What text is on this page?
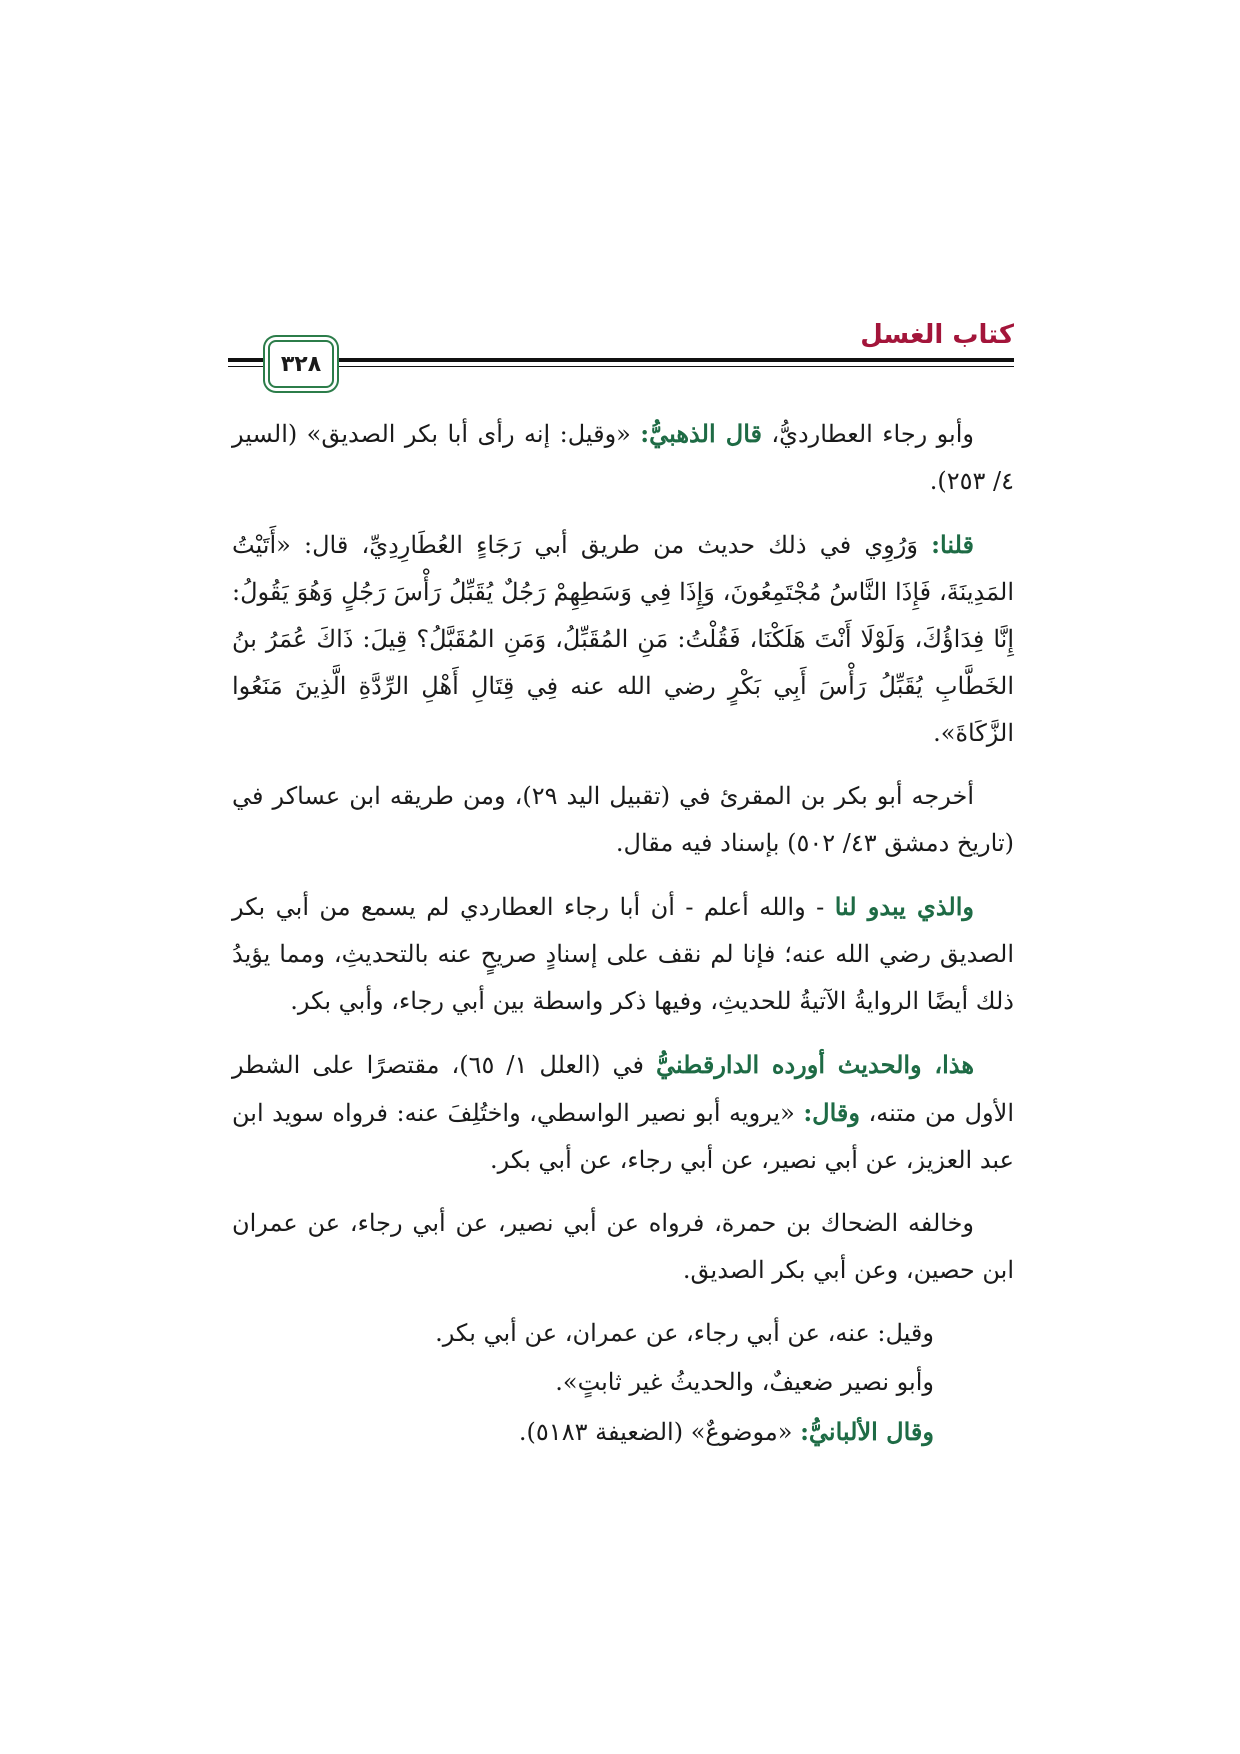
كتاب الغسل
٣٢٨

وأبو رجاء العطارديُّ، قال الذهبيُّ: «وقيل: إنه رأى أبا بكر الصديق» (السير ٤/ ٢٥٣).

قلنا: وَرُوِي في ذلك حديث من طريق أبي رَجَاءٍ العُطَارِدِيِّ، قال: «أَتَيْتُ المَدِينَةَ، فَإِذَا النَّاسُ مُجْتَمِعُونَ، وَإِذَا فِي وَسَطِهِمْ رَجُلٌ يُقَبِّلُ رَأْسَ رَجُلٍ وَهُوَ يَقُولُ: إِنَّا فِدَاؤُكَ، وَلَوْلَا أَنْتَ هَلَكْنَا، فَقُلْتُ: مَنِ المُقَبِّلُ، وَمَنِ المُقَبَّلُ؟ قِيلَ: ذَاكَ عُمَرُ بنُ الخَطَّابِ يُقَبِّلُ رَأْسَ أَبِي بَكْرٍ رضي الله عنه فِي قِتَالِ أَهْلِ الرِّدَّةِ الَّذِينَ مَنَعُوا الزَّكَاةَ».

أخرجه أبو بكر بن المقرئ في (تقبيل اليد ٢٩)، ومن طريقه ابن عساكر في (تاريخ دمشق ٤٣/ ٥٠٢) بإسناد فيه مقال.

والذي يبدو لنا - والله أعلم - أن أبا رجاء العطاردي لم يسمع من أبي بكر الصديق رضي الله عنه؛ فإنا لم نقف على إسنادٍ صريحٍ عنه بالتحديثِ، ومما يؤيدُ ذلك أيضًا الروايةُ الآتيةُ للحديثِ، وفيها ذكر واسطة بين أبي رجاء، وأبي بكر.

هذا، والحديث أورده الدارقطنيُّ في (العلل ١/ ٦٥)، مقتصرًا على الشطر الأول من متنه، وقال: «يرويه أبو نصير الواسطي، واختُلِفَ عنه: فرواه سويد ابن عبد العزيز، عن أبي نصير، عن أبي رجاء، عن أبي بكر.

وخالفه الضحاك بن حمرة، فرواه عن أبي نصير، عن أبي رجاء، عن عمران ابن حصين، وعن أبي بكر الصديق.

وقيل: عنه، عن أبي رجاء، عن عمران، عن أبي بكر.

وأبو نصير ضعيفٌ، والحديثُ غير ثابتٍ».

وقال الألبانيُّ: «موضوعٌ» (الضعيفة ٥١٨٣).
